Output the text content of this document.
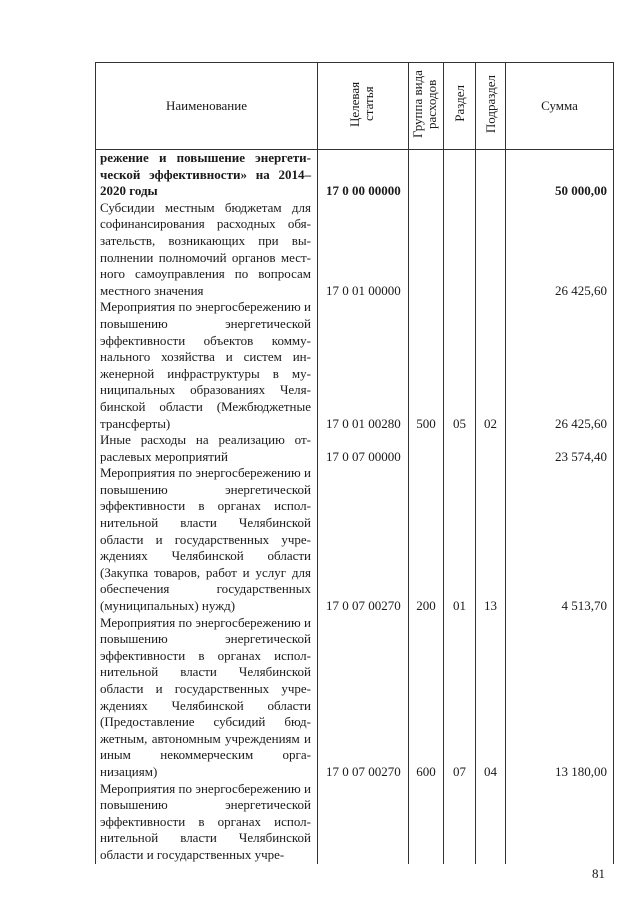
Наименование	Целевая статья	Группа вида расходов	Раздел	Подраздел	Сумма
режение и повышение энергетической эффективности» на 2014–2020 годы	17 0 00 00000				50 000,00
Субсидии местным бюджетам для софинансирования расходных обязательств, возникающих при выполнении полномочий органов местного самоуправления по вопросам местного значения	17 0 01 00000				26 425,60
Мероприятия по энергосбережению и повышению энергетической эффективности объектов коммунального хозяйства и систем инженерной инфраструктуры в муниципальных образованиях Челябинской области (Межбюджетные трансферты)	17 0 01 00280	500	05	02	26 425,60
Иные расходы на реализацию отраслевых мероприятий	17 0 07 00000				23 574,40
Мероприятия по энергосбережению и повышению энергетической эффективности в органах исполнительной власти Челябинской области и государственных учреждениях Челябинской области (Закупка товаров, работ и услуг для обеспечения государственных (муниципальных) нужд)	17 0 07 00270	200	01	13	4 513,70
Мероприятия по энергосбережению и повышению энергетической эффективности в органах исполнительной власти Челябинской области и государственных учреждениях Челябинской области (Предоставление субсидий бюджетным, автономным учреждениям и иным некоммерческим организациям)	17 0 07 00270	600	07	04	13 180,00
Мероприятия по энергосбережению и повышению энергетической эффективности в органах исполнительной власти Челябинской области и государственных учре-					
81
